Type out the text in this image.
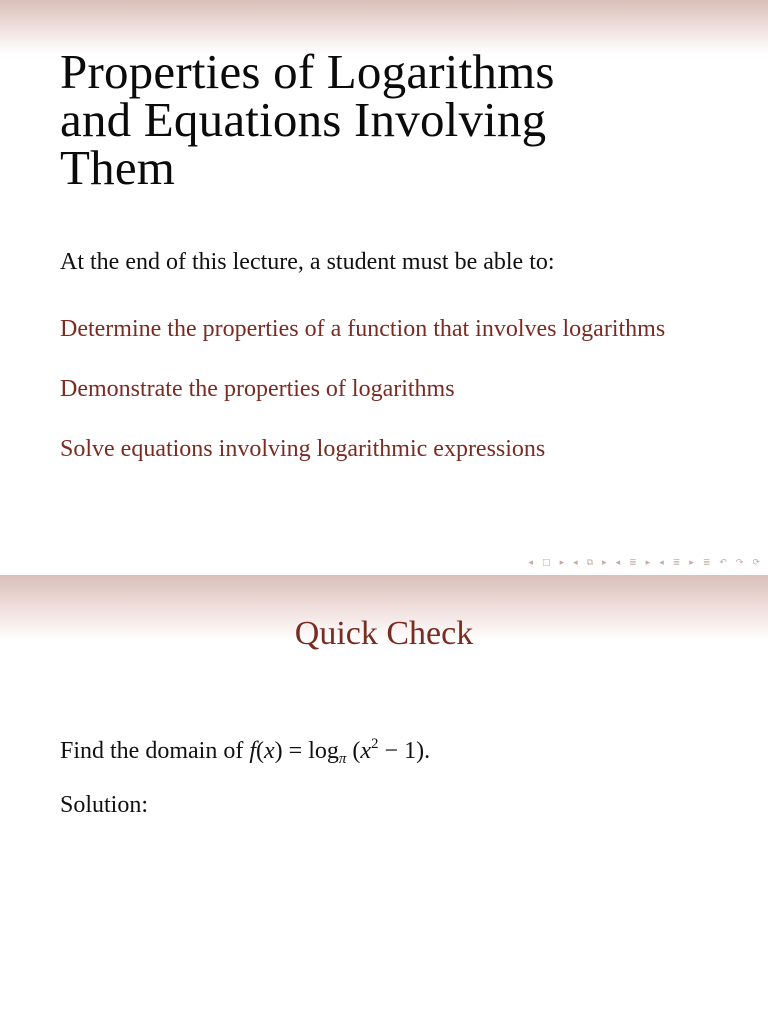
Properties of Logarithms
and Equations Involving
Them
At the end of this lecture, a student must be able to:
Determine the properties of a function that involves logarithms
Demonstrate the properties of logarithms
Solve equations involving logarithmic expressions
◂ □ ▸ ◂ ⧉ ▸ ◂ ≣ ▸ ◂ ≣ ▸ ≣ ↶ ↷ ⟳
Quick Check
Find the domain of $f(x) = \log_\pi (x^2 - 1)$.
Solution:
